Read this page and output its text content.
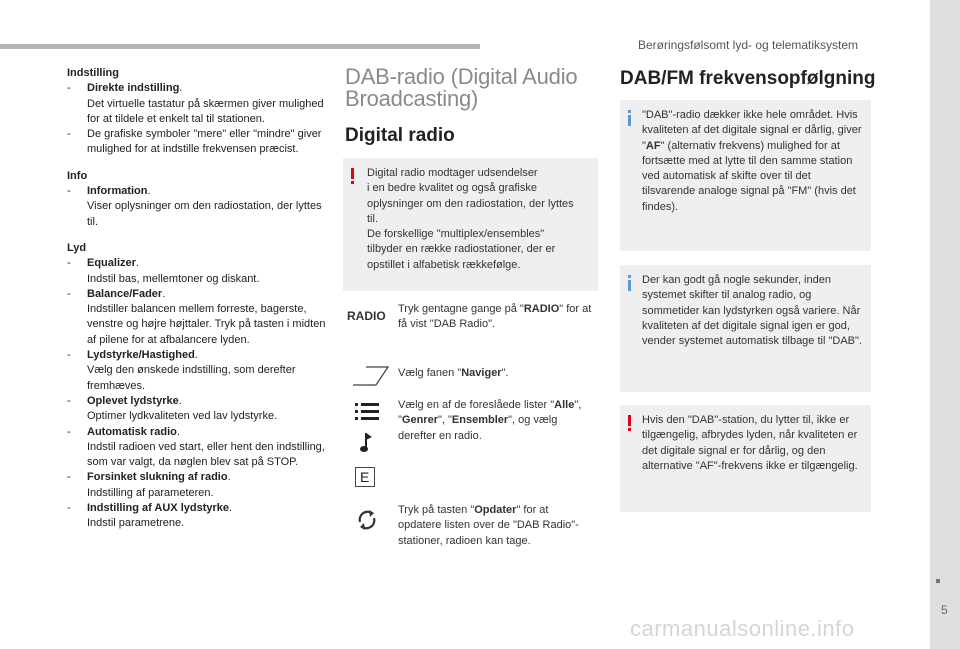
Berøringsfølsomt lyd- og telematiksystem
5
carmanualsonline.info
Indstilling
-	Direkte indstilling.
Det virtuelle tastatur på skærmen giver mulighed for at tildele et enkelt tal til stationen.
-	De grafiske symboler "mere" eller "mindre" giver mulighed for at indstille frekvensen præcist.
Info
-	Information.
Viser oplysninger om den radiostation, der lyttes til.
Lyd
-	Equalizer.
Indstil bas, mellemtoner og diskant.
-	Balance/Fader.
Indstiller balancen mellem forreste, bagerste, venstre og højre højttaler. Tryk på tasten i midten af pilene for at afbalancere lyden.
-	Lydstyrke/Hastighed.
Vælg den ønskede indstilling, som derefter fremhæves.
-	Oplevet lydstyrke.
Optimer lydkvaliteten ved lav lydstyrke.
-	Automatisk radio.
Indstil radioen ved start, eller hent den indstilling, som var valgt, da nøglen blev sat på STOP.
-	Forsinket slukning af radio.
Indstilling af parameteren.
-	Indstilling af AUX lydstyrke.
Indstil parametrene.
DAB-radio (Digital Audio
Broadcasting)
Digital radio
Digital radio modtager udsendelser
i en bedre kvalitet og også grafiske
oplysninger om den radiostation, der lyttes
til.
De forskellige "multiplex/ensembles"
tilbyder en række radiostationer, der er
opstillet i alfabetisk rækkefølge.
RADIO Tryk gentagne gange på "RADIO" for at få vist "DAB Radio".
Vælg fanen "Naviger".
E
Vælg en af de foreslåede lister "Alle", "Genrer", "Ensembler", og vælg derefter en radio.
Tryk på tasten "Opdater" for at opdatere listen over de "DAB Radio"-stationer, radioen kan tage.
DAB/FM frekvensopfølgning
"DAB"-radio dækker ikke hele området. Hvis kvaliteten af det digitale signal er dårlig, giver "AF" (alternativ frekvens) mulighed for at fortsætte med at lytte til den samme station ved automatisk af skifte over til det tilsvarende analoge signal på "FM" (hvis det findes).
Der kan godt gå nogle sekunder, inden systemet skifter til analog radio, og sommetider kan lydstyrken også variere. Når kvaliteten af det digitale signal igen er god, vender systemet automatisk tilbage til "DAB".
Hvis den "DAB"-station, du lytter til, ikke er tilgængelig, afbrydes lyden, når kvaliteten er det digitale signal er for dårlig, og den alternative "AF"-frekvens ikke er tilgængelig.
